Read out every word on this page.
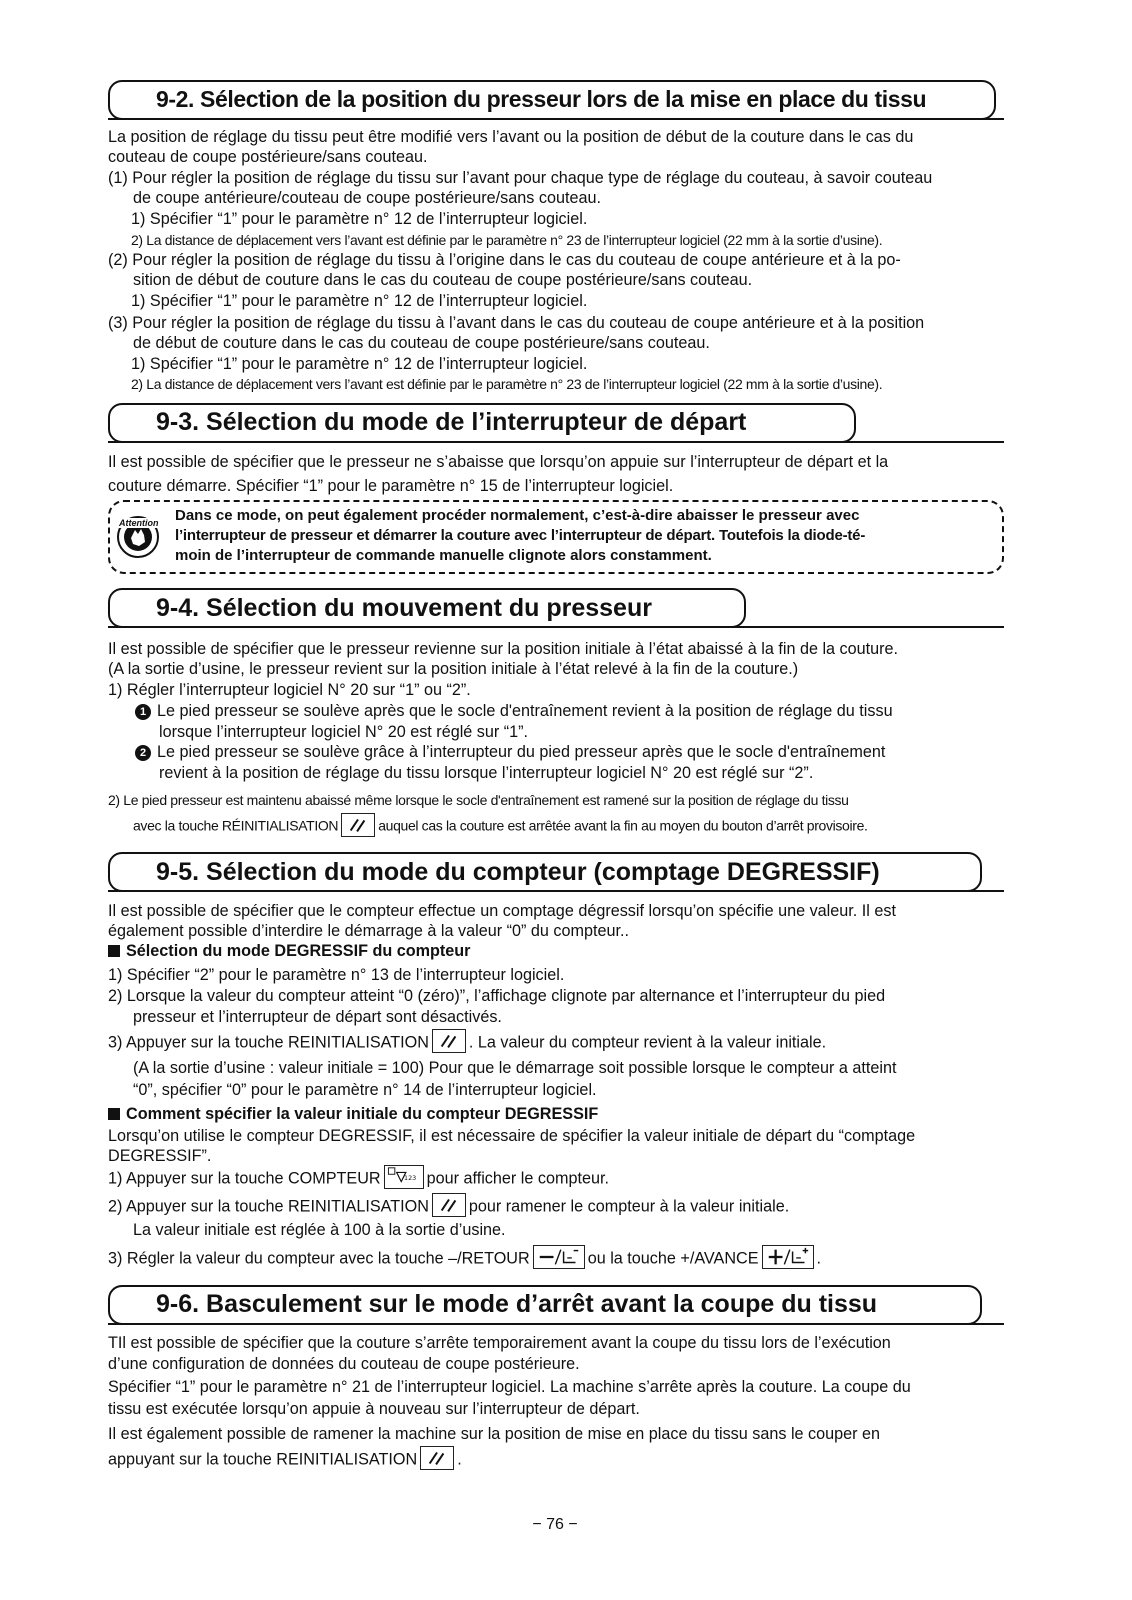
9-2. Sélection de la position du presseur lors de la mise en place du tissu
La position de réglage du tissu peut être modifié vers l’avant ou la position de début de la couture dans le cas du
couteau de coupe postérieure/sans couteau.
(1) Pour régler la position de réglage du tissu sur l’avant pour chaque type de réglage du couteau, à savoir couteau
de coupe antérieure/couteau de coupe postérieure/sans couteau.
1) Spécifier “1” pour le paramètre n° 12 de l’interrupteur logiciel.
2) La distance de déplacement vers l’avant est définie par le paramètre n° 23 de l’interrupteur logiciel (22 mm à la sortie d’usine).
(2) Pour régler la position de réglage du tissu à l’origine dans le cas du couteau de coupe antérieure et à la po-
sition de début de couture dans le cas du couteau de coupe postérieure/sans couteau.
1) Spécifier “1” pour le paramètre n° 12 de l’interrupteur logiciel.
(3) Pour régler la position de réglage du tissu à l’avant dans le cas du couteau de coupe antérieure et à la position
de début de couture dans le cas du couteau de coupe postérieure/sans couteau.
1) Spécifier “1” pour le paramètre n° 12 de l’interrupteur logiciel.
2) La distance de déplacement vers l’avant est définie par le paramètre n° 23 de l’interrupteur logiciel (22 mm à la sortie d’usine).
9-3. Sélection du mode de l’interrupteur de départ
Il est possible de spécifier que le presseur ne s’abaisse que lorsqu’on appuie sur l’interrupteur de départ et la
couture démarre. Spécifier “1” pour le paramètre n° 15 de l’interrupteur logiciel.
Attention Dans ce mode, on peut également procéder normalement, c’est-à-dire abaisser le presseur avec
l’interrupteur de presseur et démarrer la couture avec l’interrupteur de départ. Toutefois la diode-té-
moin de l’interrupteur de commande manuelle clignote alors constamment.
9-4. Sélection du mouvement du presseur
Il est possible de spécifier que le presseur revienne sur la position initiale à l’état abaissé à la fin de la couture.
(A la sortie d’usine, le presseur revient sur la position initiale à l’état relevé à la fin de la couture.)
1) Régler l’interrupteur logiciel N° 20 sur “1” ou “2”.
1 Le pied presseur se soulève après que le socle d'entraînement revient à la position de réglage du tissu
lorsque l’interrupteur logiciel N° 20 est réglé sur “1”.
2 Le pied presseur se soulève grâce à l’interrupteur du pied presseur après que le socle d'entraînement
revient à la position de réglage du tissu lorsque l’interrupteur logiciel N° 20 est réglé sur “2”.
2) Le pied presseur est maintenu abaissé même lorsque le socle d'entraînement est ramené sur la position de réglage du tissu
avec la touche RÉINITIALISATION	auquel cas la couture est arrêtée avant la fin au moyen du bouton d’arrêt provisoire.
9-5. Sélection du mode du compteur (comptage DEGRESSIF)
Il est possible de spécifier que le compteur effectue un comptage dégressif lorsqu’on spécifie une valeur. Il est
également possible d’interdire le démarrage à la valeur “0” du compteur..
Sélection du mode DEGRESSIF du compteur
1) Spécifier “2” pour le paramètre n° 13 de l’interrupteur logiciel.
2) Lorsque la valeur du compteur atteint “0 (zéro)”, l’affichage clignote par alternance et l’interrupteur du pied
presseur et l’interrupteur de départ sont désactivés.
3) Appuyer sur la touche REINITIALISATION . La valeur du compteur revient à la valeur initiale.
(A la sortie d’usine : valeur initiale = 100) Pour que le démarrage soit possible lorsque le compteur a atteint
“0”, spécifier “0” pour le paramètre n° 14 de l’interrupteur logiciel.
Comment spécifier la valeur initiale du compteur DEGRESSIF
Lorsqu’on utilise le compteur DEGRESSIF, il est nécessaire de spécifier la valeur initiale de départ du “comptage
DEGRESSIF”.
1) Appuyer sur la touche COMPTEUR	123 pour afficher le compteur.
2) Appuyer sur la touche REINITIALISATION pour ramener le compteur à la valeur initiale.
La valeur initiale est réglée à 100 à la sortie d’usine.
3) Régler la valeur du compteur avec la touche –/RETOUR	ou la touche +/AVANCE	.
9-6. Basculement sur le mode d’arrêt avant la coupe du tissu
TIl est possible de spécifier que la couture s’arrête temporairement avant la coupe du tissu lors de l’exécution
d’une configuration de données du couteau de coupe postérieure.
Spécifier “1” pour le paramètre n° 21 de l’interrupteur logiciel. La machine s’arrête après la couture. La coupe du
tissu est exécutée lorsqu’on appuie à nouveau sur l’interrupteur de départ.
Il est également possible de ramener la machine sur la position de mise en place du tissu sans le couper en
appuyant sur la touche REINITIALISATION .
− 76 −
